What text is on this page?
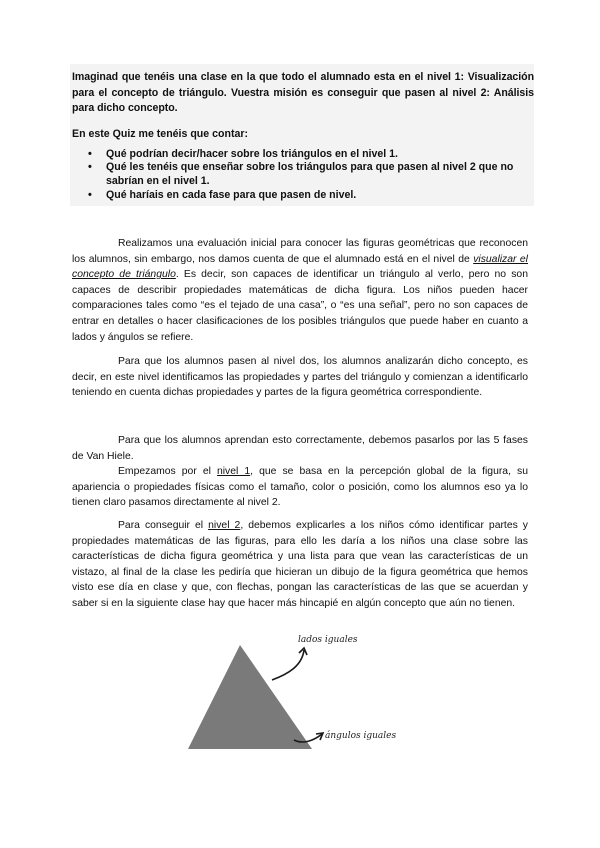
Imaginad que tenéis una clase en la que todo el alumnado esta en el nivel 1: Visualización para el concepto de triángulo. Vuestra misión es conseguir que pasen al nivel 2: Análisis para dicho concepto.

En este Quiz me tenéis que contar:

• Qué podrían decir/hacer sobre los triángulos en el nivel 1.
• Qué les tenéis que enseñar sobre los triángulos para que pasen al nivel 2 que no sabrían en el nivel 1.
• Qué haríais en cada fase para que pasen de nivel.

Realizamos una evaluación inicial para conocer las figuras geométricas que reconocen los alumnos, sin embargo, nos damos cuenta de que el alumnado está en el nivel de visualizar el concepto de triángulo. Es decir, son capaces de identificar un triángulo al verlo, pero no son capaces de describir propiedades matemáticas de dicha figura. Los niños pueden hacer comparaciones tales como “es el tejado de una casa”, o “es una señal”, pero no son capaces de entrar en detalles o hacer clasificaciones de los posibles triángulos que puede haber en cuanto a lados y ángulos se refiere.

Para que los alumnos pasen al nivel dos, los alumnos analizarán dicho concepto, es decir, en este nivel identificamos las propiedades y partes del triángulo y comienzan a identificarlo teniendo en cuenta dichas propiedades y partes de la figura geométrica correspondiente.

Para que los alumnos aprendan esto correctamente, debemos pasarlos por las 5 fases de Van Hiele.

Empezamos por el nivel 1, que se basa en la percepción global de la figura, su apariencia o propiedades físicas como el tamaño, color o posición, como los alumnos eso ya lo tienen claro pasamos directamente al nivel 2.

Para conseguir el nivel 2, debemos explicarles a los niños cómo identificar partes y propiedades matemáticas de las figuras, para ello les daría a los niños una clase sobre las características de dicha figura geométrica y una lista para que vean las características de un vistazo, al final de la clase les pediría que hicieran un dibujo de la figura geométrica que hemos visto ese día en clase y que, con flechas, pongan las características de las que se acuerdan y saber si en la siguiente clase hay que hacer más hincapié en algún concepto que aún no tienen.

lados iguales
ángulos iguales
